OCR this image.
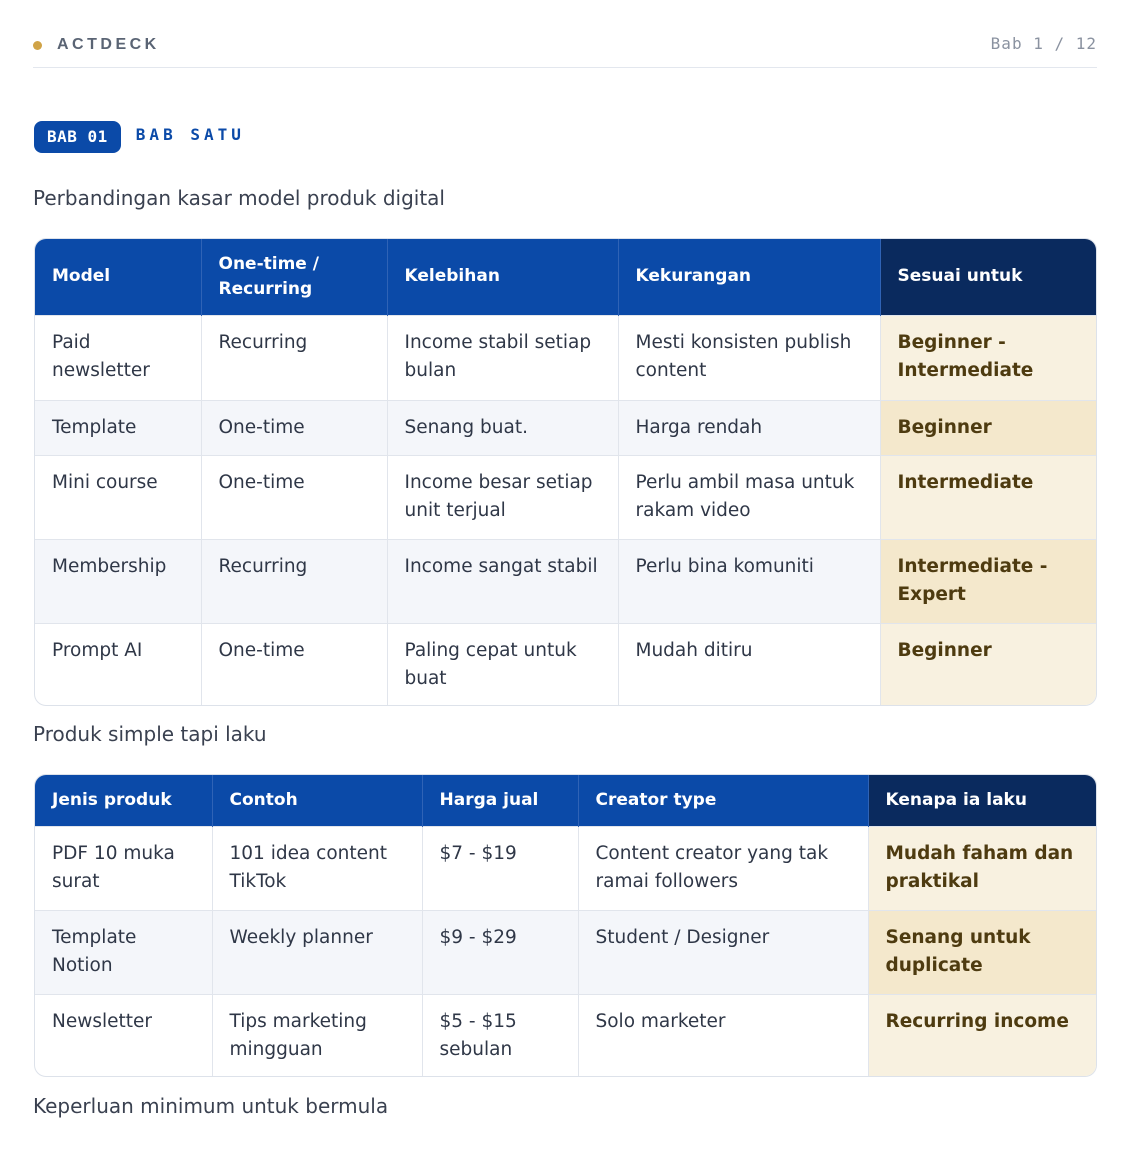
ACTDECK	Bab 1 / 12
BAB 01	BAB SATU
Perbandingan kasar model produk digital
Model	One-time / Recurring	Kelebihan	Kekurangan	Sesuai untuk
Paid newsletter	Recurring	Income stabil setiap bulan	Mesti konsisten publish content	Beginner - Intermediate
Template	One-time	Senang buat.	Harga rendah	Beginner
Mini course	One-time	Income besar setiap unit terjual	Perlu ambil masa untuk rakam video	Intermediate
Membership	Recurring	Income sangat stabil	Perlu bina komuniti	Intermediate - Expert
Prompt AI	One-time	Paling cepat untuk buat	Mudah ditiru	Beginner
Produk simple tapi laku
Jenis produk	Contoh	Harga jual	Creator type	Kenapa ia laku
PDF 10 muka surat	101 idea content TikTok	$7 - $19	Content creator yang tak ramai followers	Mudah faham dan praktikal
Template Notion	Weekly planner	$9 - $29	Student / Designer	Senang untuk duplicate
Newsletter	Tips marketing mingguan	$5 - $15 sebulan	Solo marketer	Recurring income
Keperluan minimum untuk bermula
